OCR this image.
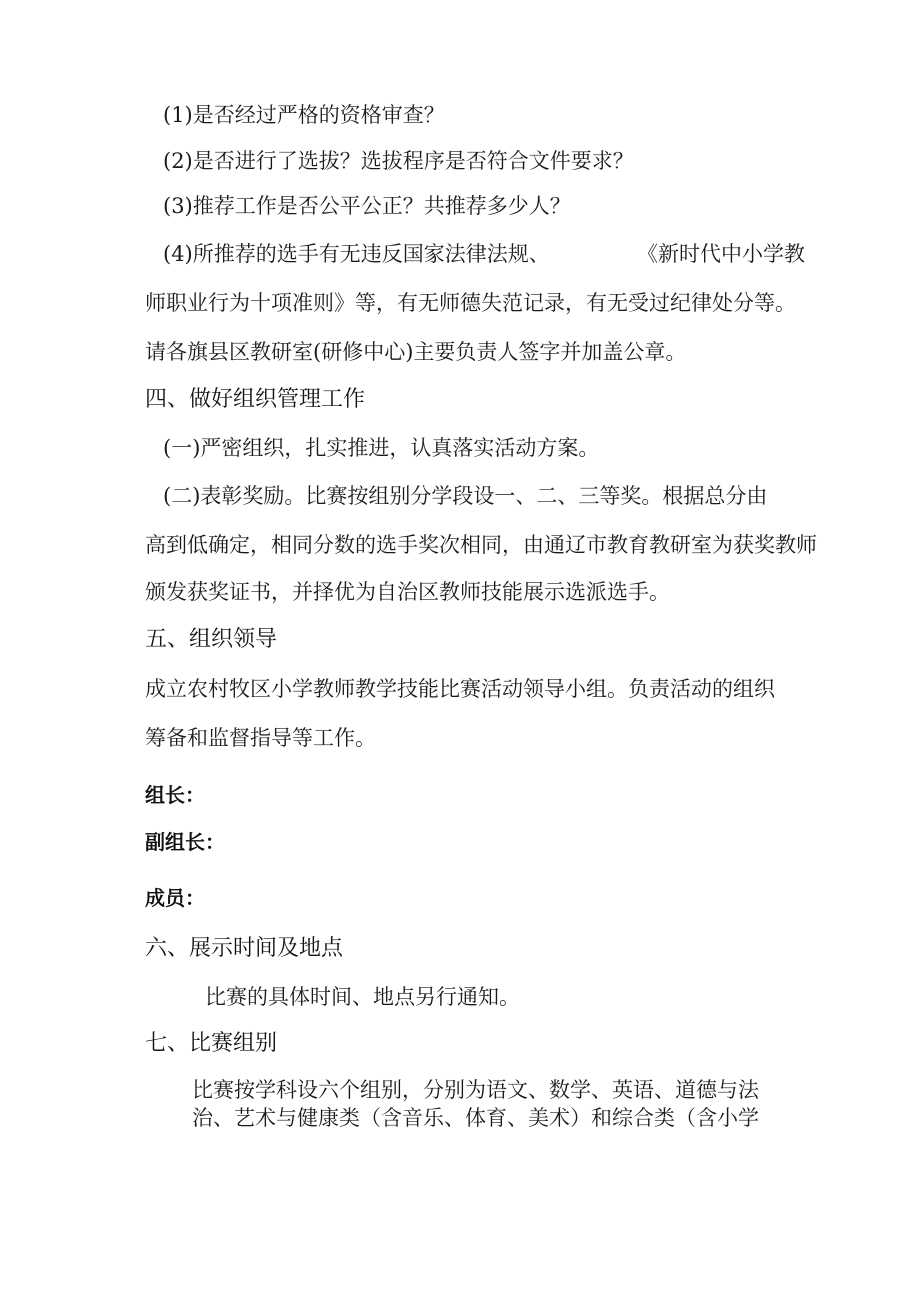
(1)是否经过严格的资格审查？
(2)是否进行了选拔？选拔程序是否符合文件要求？
(3)推荐工作是否公平公正？共推荐多少人？
(4)所推荐的选手有无违反国家法律法规、	《新时代中小学教
师职业行为十项准则》等，有无师德失范记录，有无受过纪律处分等。
请各旗县区教研室(研修中心)主要负责人签字并加盖公章。
四、做好组织管理工作
(一)严密组织，扎实推进，认真落实活动方案。
(二)表彰奖励。比赛按组别分学段设一、二、三等奖。根据总分由
高到低确定，相同分数的选手奖次相同，由通辽市教育教研室为获奖教师
颁发获奖证书，并择优为自治区教师技能展示选派选手。
五、组织领导
成立农村牧区小学教师教学技能比赛活动领导小组。负责活动的组织
筹备和监督指导等工作。
组长：
副组长：
成员：
六、展示时间及地点
比赛的具体时间、地点另行通知。
七、比赛组别
比赛按学科设六个组别，分别为语文、数学、英语、道德与法
治、艺术与健康类（含音乐、体育、美术）和综合类（含小学
